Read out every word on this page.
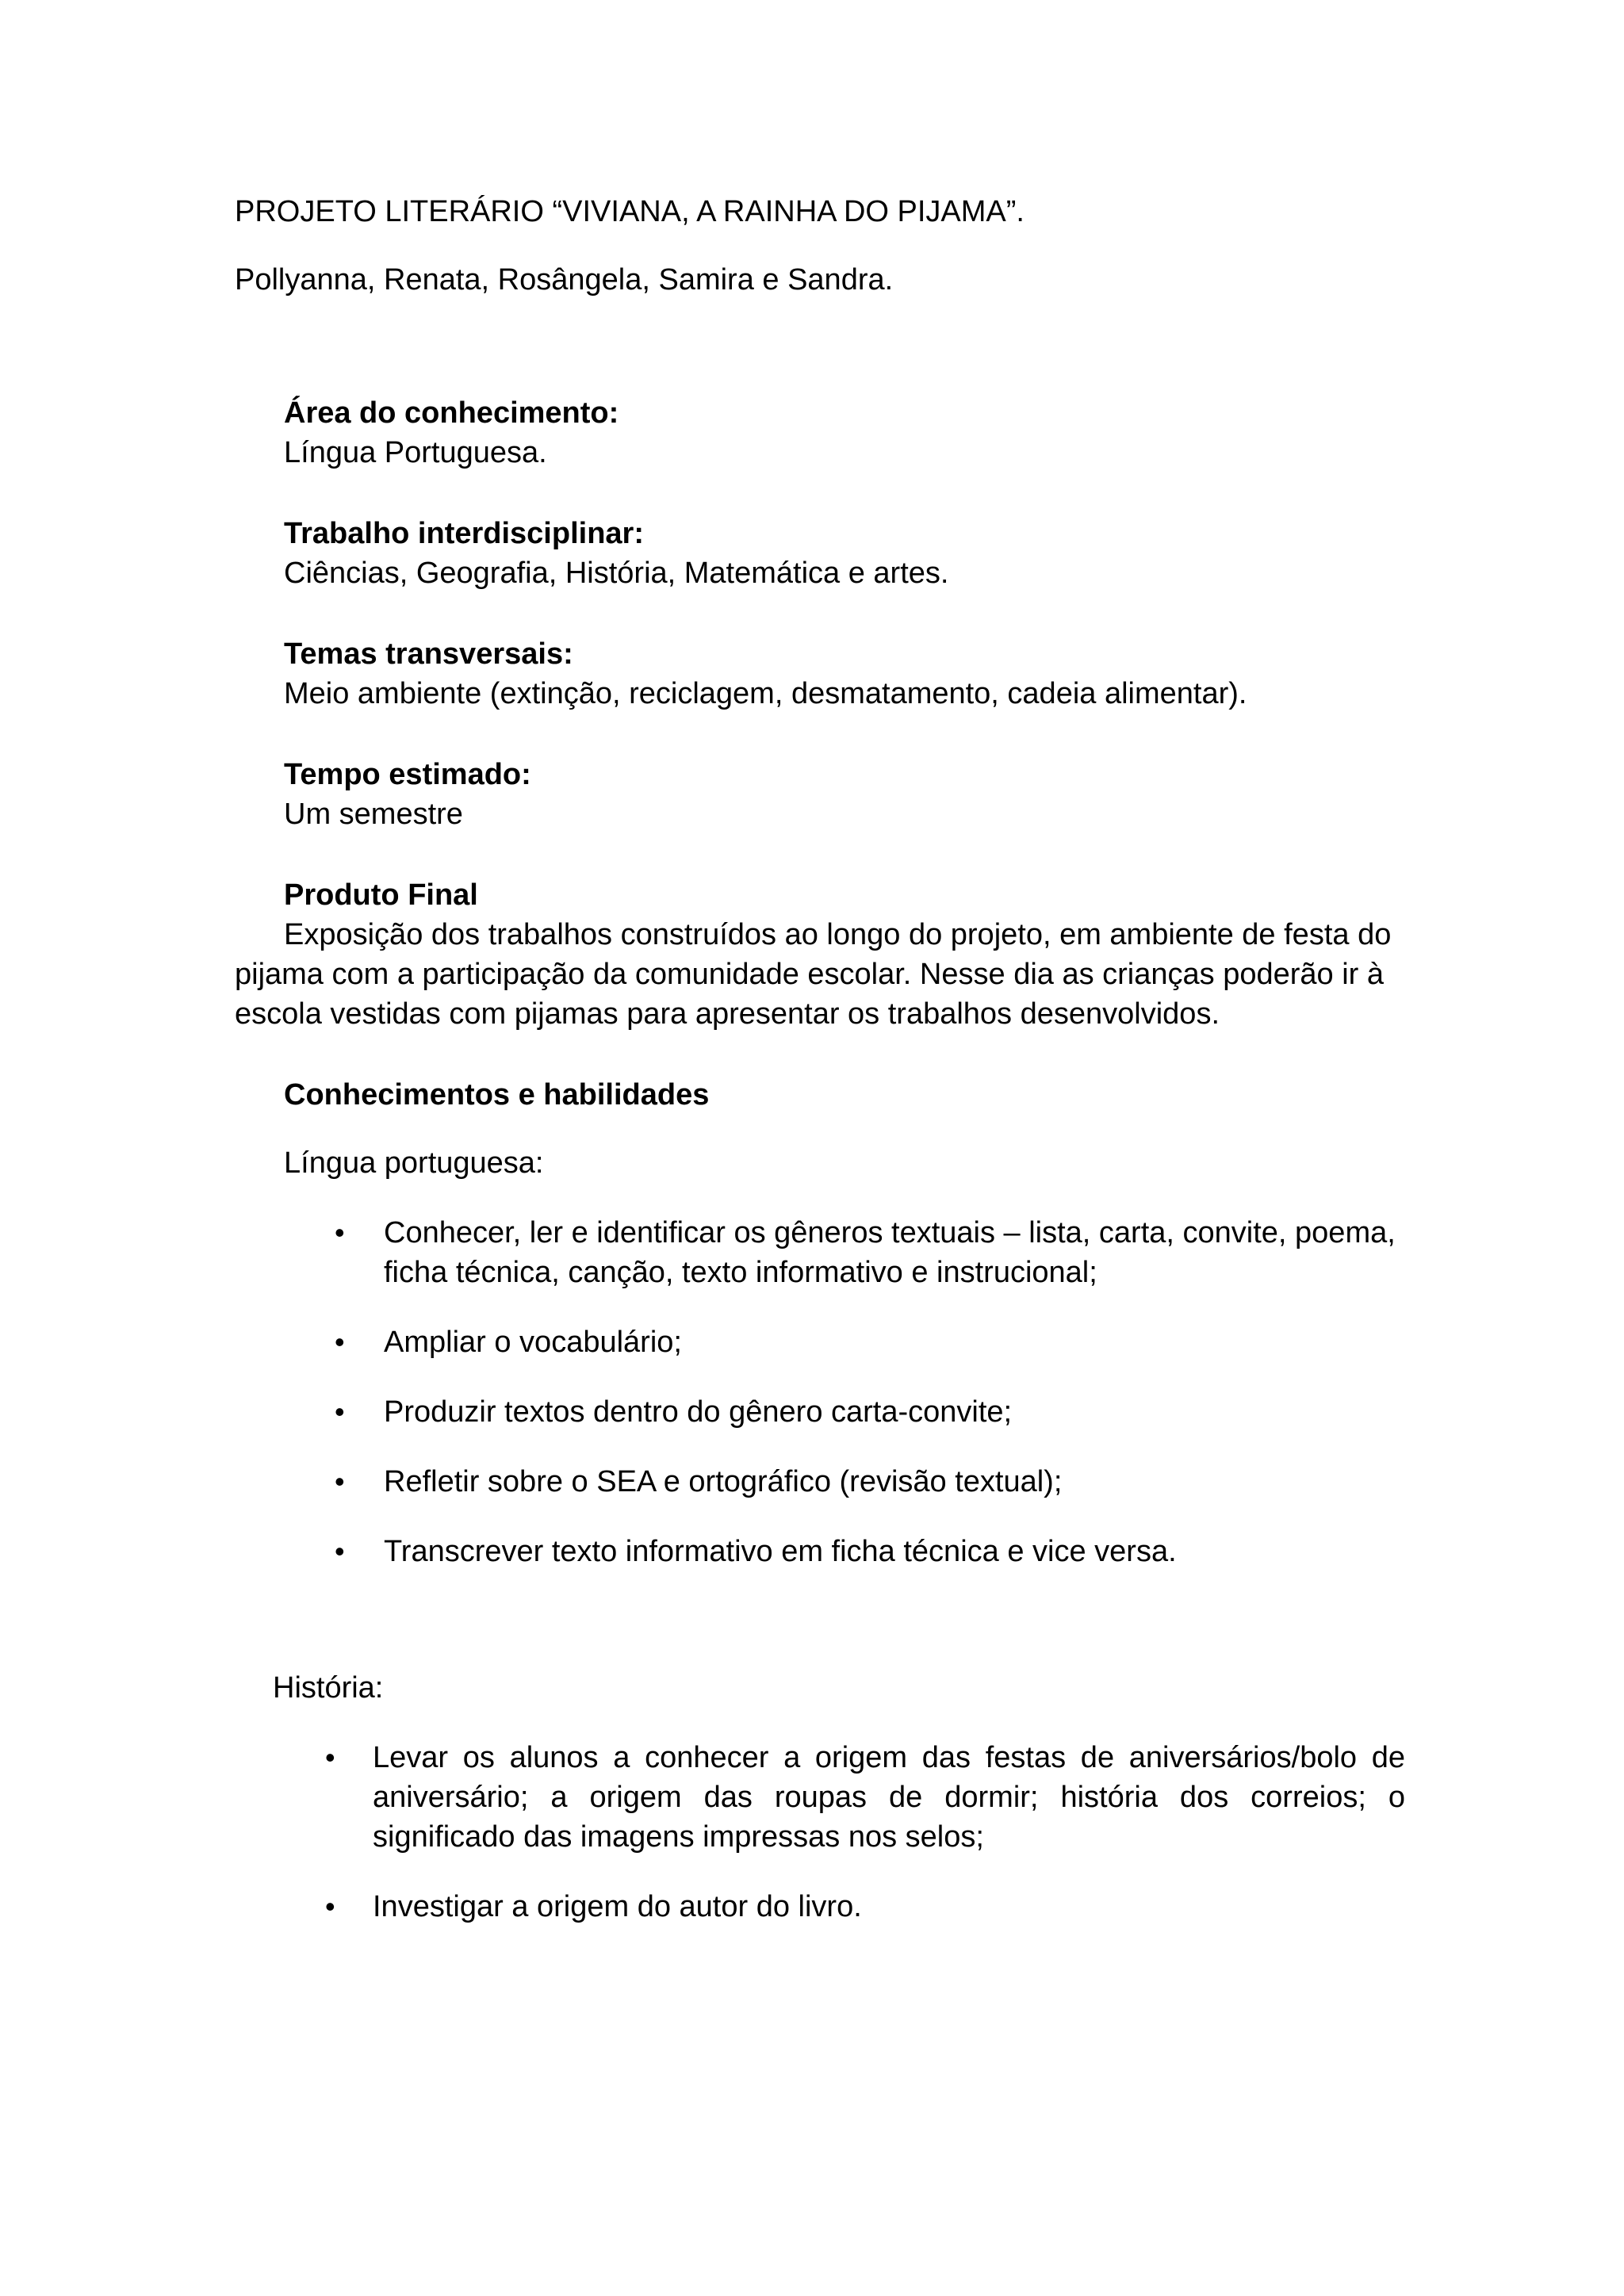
PROJETO LITERÁRIO “VIVIANA, A RAINHA DO PIJAMA”.
Pollyanna, Renata, Rosângela, Samira e Sandra.
Área do conhecimento:
Língua Portuguesa.
Trabalho interdisciplinar:
Ciências, Geografia, História, Matemática e artes.
Temas transversais:
Meio ambiente (extinção, reciclagem, desmatamento, cadeia alimentar).
Tempo estimado:
Um semestre
Produto Final
Exposição dos trabalhos construídos ao longo do projeto, em ambiente de festa do
pijama com a participação da comunidade escolar. Nesse dia as crianças poderão ir à
escola vestidas com pijamas para apresentar os trabalhos desenvolvidos.
Conhecimentos e habilidades
Língua portuguesa:
• Conhecer, ler e identificar os gêneros textuais – lista, carta, convite, poema,
ficha técnica, canção, texto informativo e instrucional;
• Ampliar o vocabulário;
• Produzir textos dentro do gênero carta-convite;
• Refletir sobre o SEA e ortográfico (revisão textual);
• Transcrever texto informativo em ficha técnica e vice versa.
História:
• Levar os alunos a conhecer a origem das festas de aniversários/bolo de
aniversário; a origem das roupas de dormir; história dos correios; o
significado das imagens impressas nos selos;
• Investigar a origem do autor do livro.
